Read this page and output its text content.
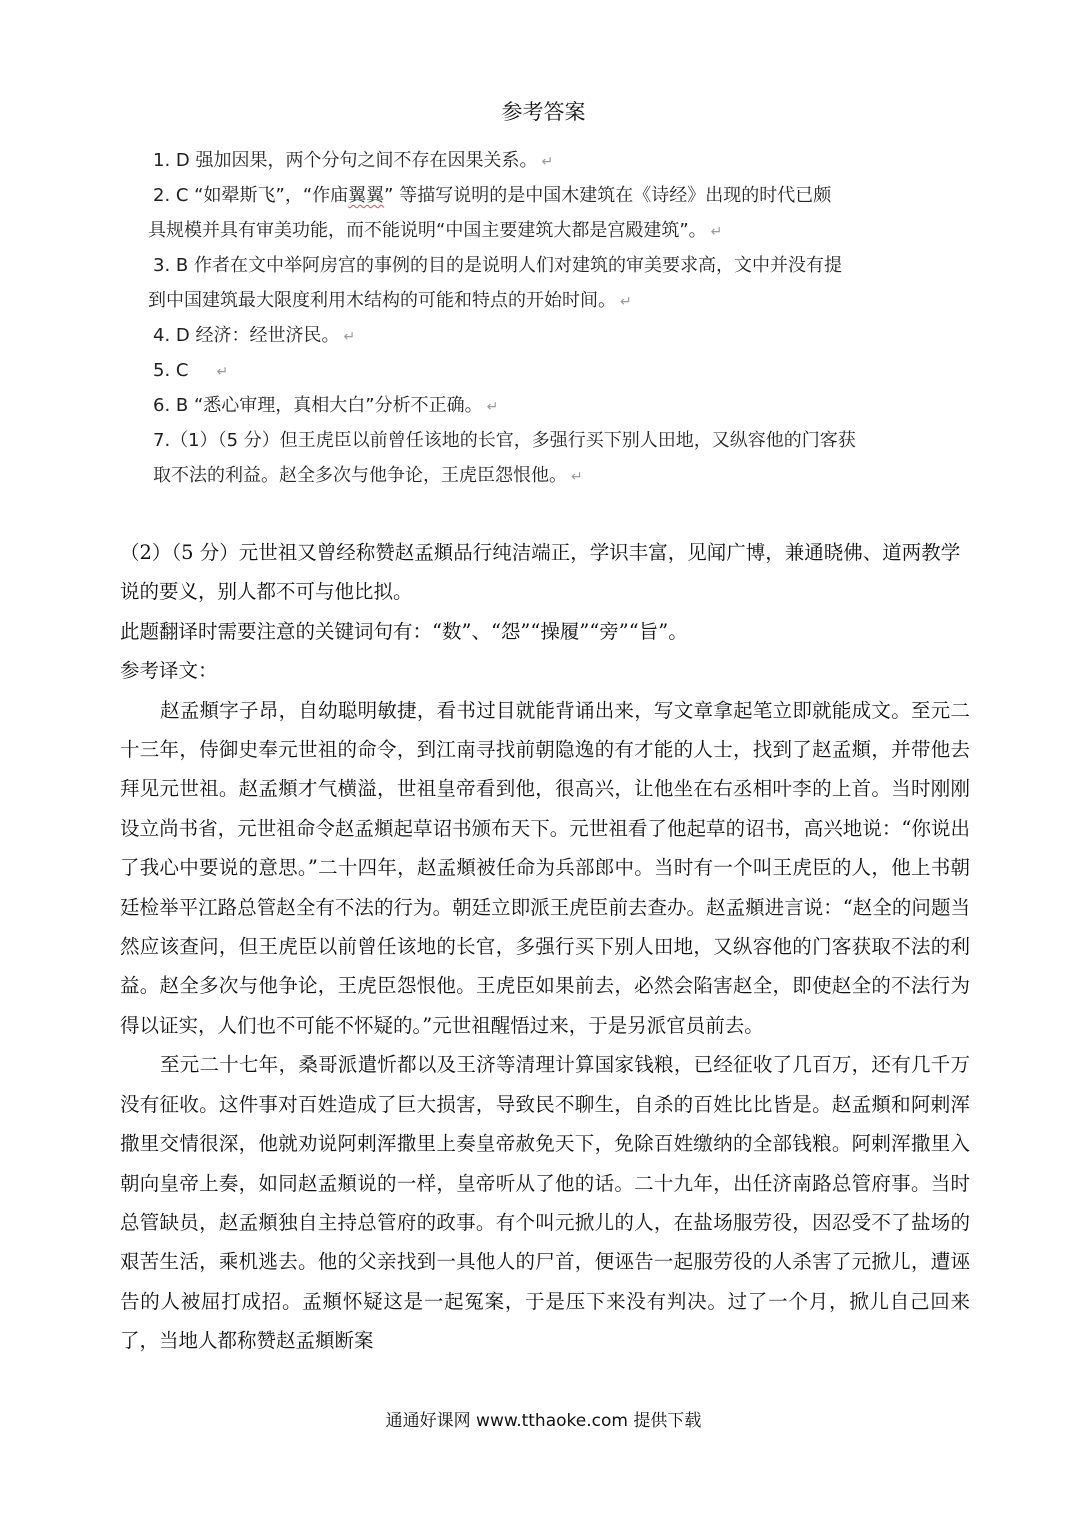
参考答案
1. D 强加因果，两个分句之间不存在因果关系。 ↵
2. C “如翚斯飞”，“作庙翼翼” 等描写说明的是中国木建筑在《诗经》出现的时代已颇
具规模并具有审美功能，而不能说明“中国主要建筑大都是宫殿建筑”。 ↵
3. B 作者在文中举阿房宫的事例的目的是说明人们对建筑的审美要求高，文中并没有提
到中国建筑最大限度利用木结构的可能和特点的开始时间。 ↵
4. D 经济：经世济民。 ↵
5. C ↵
6. B “悉心审理，真相大白”分析不正确。 ↵
7.（1）（5 分）但王虎臣以前曾任该地的长官，多强行买下别人田地，又纵容他的门客获
取不法的利益。赵全多次与他争论，王虎臣怨恨他。 ↵

（2）（5 分）元世祖又曾经称赞赵孟頫品行纯洁端正，学识丰富，见闻广博，兼通晓佛、道两教学说的要义，别人都不可与他比拟。

此题翻译时需要注意的关键词句有：“数”、“怨”“操履”“旁”“旨”。

参考译文：

赵孟頫字子昂，自幼聪明敏捷，看书过目就能背诵出来，写文章拿起笔立即就能成文。至元二十三年，侍御史奉元世祖的命令，到江南寻找前朝隐逸的有才能的人士，找到了赵孟頫，并带他去拜见元世祖。赵孟頫才气横溢，世祖皇帝看到他，很高兴，让他坐在右丞相叶李的上首。当时刚刚设立尚书省，元世祖命令赵孟頫起草诏书颁布天下。元世祖看了他起草的诏书，高兴地说：“你说出了我心中要说的意思。”二十四年，赵孟頫被任命为兵部郎中。当时有一个叫王虎臣的人，他上书朝廷检举平江路总管赵全有不法的行为。朝廷立即派王虎臣前去查办。赵孟頫进言说：“赵全的问题当然应该查问，但王虎臣以前曾任该地的长官，多强行买下别人田地，又纵容他的门客获取不法的利益。赵全多次与他争论，王虎臣怨恨他。王虎臣如果前去，必然会陷害赵全，即使赵全的不法行为得以证实，人们也不可能不怀疑的。”元世祖醒悟过来，于是另派官员前去。

至元二十七年，桑哥派遣忻都以及王济等清理计算国家钱粮，已经征收了几百万，还有几千万没有征收。这件事对百姓造成了巨大损害，导致民不聊生，自杀的百姓比比皆是。赵孟頫和阿剌浑撒里交情很深，他就劝说阿剌浑撒里上奏皇帝赦免天下，免除百姓缴纳的全部钱粮。阿剌浑撒里入朝向皇帝上奏，如同赵孟頫说的一样，皇帝听从了他的话。二十九年，出任济南路总管府事。当时总管缺员，赵孟頫独自主持总管府的政事。有个叫元掀儿的人，在盐场服劳役，因忍受不了盐场的艰苦生活，乘机逃去。他的父亲找到一具他人的尸首，便诬告一起服劳役的人杀害了元掀儿，遭诬告的人被屈打成招。孟頫怀疑这是一起冤案，于是压下来没有判决。过了一个月，掀儿自己回来了，当地人都称赞赵孟頫断案

通通好课网 www.tthaoke.com 提供下载
